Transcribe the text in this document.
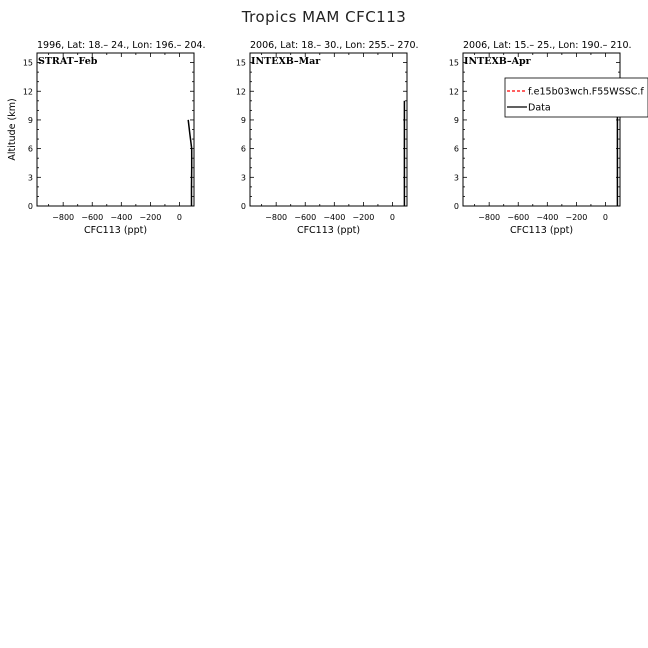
Tropics MAM CFC113
1996, Lat: 18.– 24., Lon: 196.– 204.
0
3
6
9
12
15
−800 −600 −400 −200 0
CFC113 (ppt)
Altitude (km)
STRAT–Feb
2006, Lat: 18.– 30., Lon: 255.– 270.
0
3
6
9
12
15
−800 −600 −400 −200 0
CFC113 (ppt)
INTEXB–Mar
2006, Lat: 15.– 25., Lon: 190.– 210.
0
3
6
9
12
15
−800 −600 −400 −200 0
CFC113 (ppt)
INTEXB–Apr
f.e15b03wch.F55WSSC.f
Data
